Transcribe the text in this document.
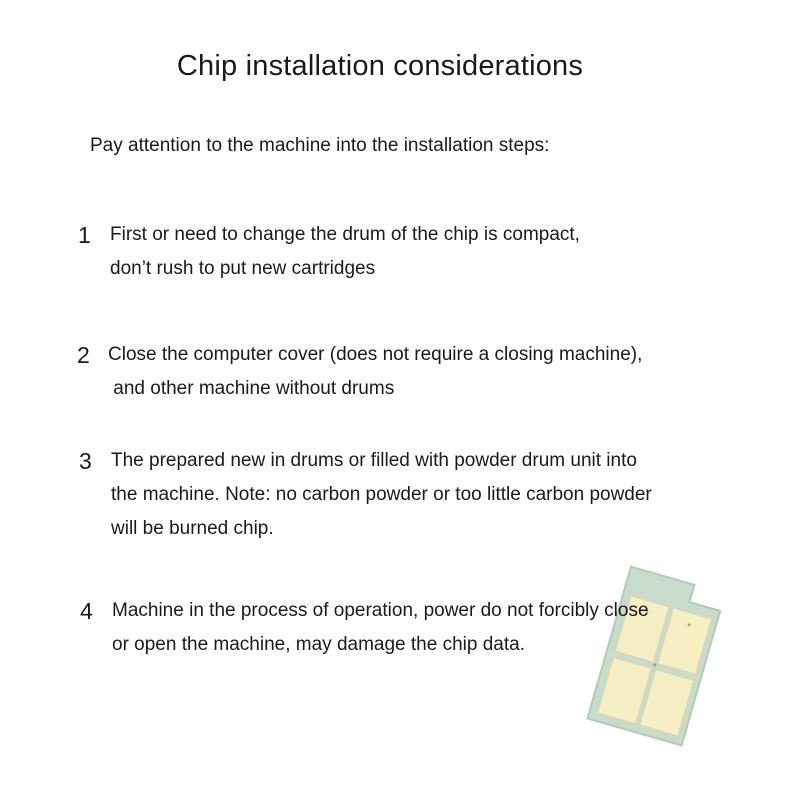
Chip installation considerations
Pay attention to the machine into the installation steps:
1 First or need to change the drum of the chip is compact,
don’t rush to put new cartridges
2 Close the computer cover (does not require a closing machine),
and other machine without drums
3 The prepared new in drums or filled with powder drum unit into
the machine. Note: no carbon powder or too little carbon powder
will be burned chip.
4 Machine in the process of operation, power do not forcibly close
or open the machine, may damage the chip data.
